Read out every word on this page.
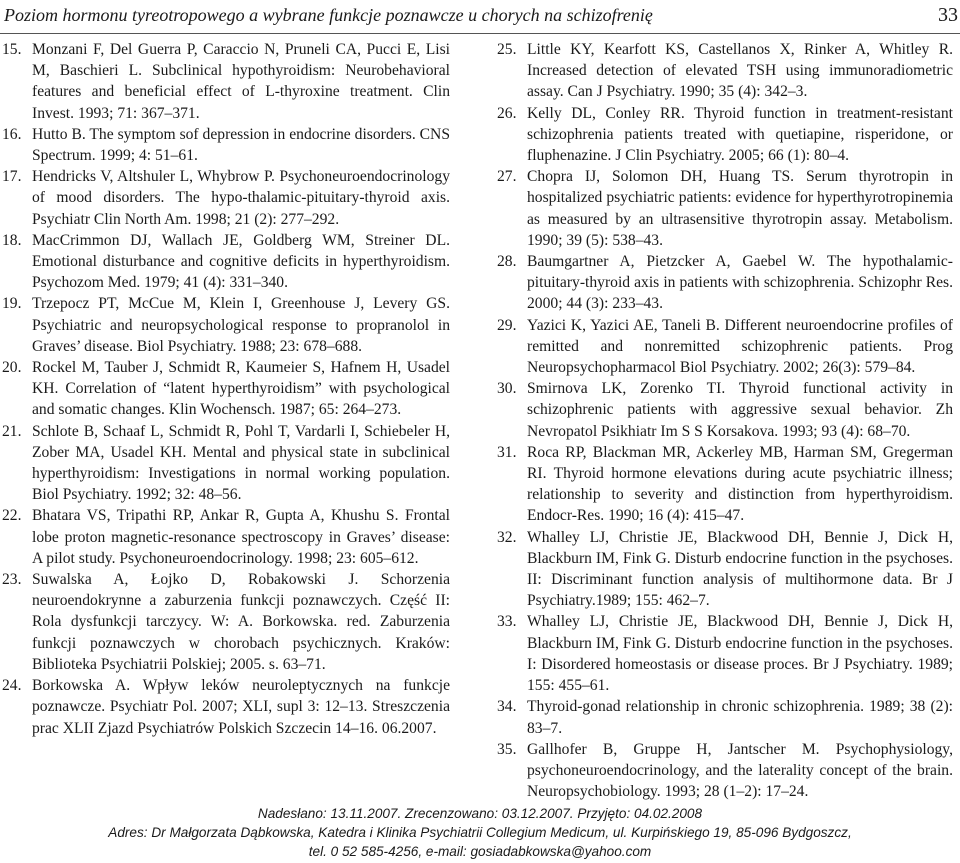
Poziom hormonu tyreotropowego a wybrane funkcje poznawcze u chorych na schizofrenię	33
15. Monzani F, Del Guerra P, Caraccio N, Pruneli CA, Pucci E, Lisi M, Baschieri L. Subclinical hypothyroidism: Neurobehavioral features and beneficial effect of L-thyroxine treatment. Clin Invest. 1993; 71: 367–371.
16. Hutto B. The symptom sof depression in endocrine disorders. CNS Spectrum. 1999; 4: 51–61.
17. Hendricks V, Altshuler L, Whybrow P. Psychoneuroendocrinology of mood disorders. The hypo-thalamic-pituitary-thyroid axis. Psychiatr Clin North Am. 1998; 21 (2): 277–292.
18. MacCrimmon DJ, Wallach JE, Goldberg WM, Streiner DL. Emotional disturbance and cognitive deficits in hyperthyroidism. Psychozom Med. 1979; 41 (4): 331–340.
19. Trzepocz PT, McCue M, Klein I, Greenhouse J, Levery GS. Psychiatric and neuropsychological response to propranolol in Graves’ disease. Biol Psychiatry. 1988; 23: 678–688.
20. Rockel M, Tauber J, Schmidt R, Kaumeier S, Hafnem H, Usadel KH. Correlation of “latent hyperthyroidism” with psychological and somatic changes. Klin Wochensch. 1987; 65: 264–273.
21. Schlote B, Schaaf L, Schmidt R, Pohl T, Vardarli I, Schiebeler H, Zober MA, Usadel KH. Mental and physical state in subclinical hyperthyroidism: Investigations in normal working population. Biol Psychiatry. 1992; 32: 48–56.
22. Bhatara VS, Tripathi RP, Ankar R, Gupta A, Khushu S. Frontal lobe proton magnetic-resonance spectroscopy in Graves’ disease: A pilot study. Psychoneuroendocrinology. 1998; 23: 605–612.
23. Suwalska A, Łojko D, Robakowski J. Schorzenia neuroendokrynne a zaburzenia funkcji poznawczych. Część II: Rola dysfunkcji tarczycy. W: A. Borkowska. red. Zaburzenia funkcji poznawczych w chorobach psychicznych. Kraków: Biblioteka Psychiatrii Polskiej; 2005. s. 63–71.
24. Borkowska A. Wpływ leków neuroleptycznych na funkcje poznawcze. Psychiatr Pol. 2007; XLI, supl 3: 12–13. Streszczenia prac XLII Zjazd Psychiatrów Polskich Szczecin 14–16. 06.2007.
25. Little KY, Kearfott KS, Castellanos X, Rinker A, Whitley R. Increased detection of elevated TSH using immunoradiometric assay. Can J Psychiatry. 1990; 35 (4): 342–3.
26. Kelly DL, Conley RR. Thyroid function in treatment-resistant schizophrenia patients treated with quetiapine, risperidone, or fluphenazine. J Clin Psychiatry. 2005; 66 (1): 80–4.
27. Chopra IJ, Solomon DH, Huang TS. Serum thyrotropin in hospitalized psychiatric patients: evidence for hyperthyrotropinemia as measured by an ultrasensitive thyrotropin assay. Metabolism. 1990; 39 (5): 538–43.
28. Baumgartner A, Pietzcker A, Gaebel W. The hypothalamic-pituitary-thyroid axis in patients with schizophrenia. Schizophr Res. 2000; 44 (3): 233–43.
29. Yazici K, Yazici AE, Taneli B. Different neuroendocrine profiles of remitted and nonremitted schizophrenic patients. Prog Neuropsychopharmacol Biol Psychiatry. 2002; 26(3): 579–84.
30. Smirnova LK, Zorenko TI. Thyroid functional activity in schizophrenic patients with aggressive sexual behavior. Zh Nevropatol Psikhiatr Im S S Korsakova. 1993; 93 (4): 68–70.
31. Roca RP, Blackman MR, Ackerley MB, Harman SM, Gregerman RI. Thyroid hormone elevations during acute psychiatric illness; relationship to severity and distinction from hyperthyroidism. Endocr-Res. 1990; 16 (4): 415–47.
32. Whalley LJ, Christie JE, Blackwood DH, Bennie J, Dick H, Blackburn IM, Fink G. Disturb endocrine function in the psychoses. II: Discriminant function analysis of multihormone data. Br J Psychiatry.1989; 155: 462–7.
33. Whalley LJ, Christie JE, Blackwood DH, Bennie J, Dick H, Blackburn IM, Fink G. Disturb endocrine function in the psychoses. I: Disordered homeostasis or disease proces. Br J Psychiatry. 1989; 155: 455–61.
34. Thyroid-gonad relationship in chronic schizophrenia. 1989; 38 (2): 83–7.
35. Gallhofer B, Gruppe H, Jantscher M. Psychophysiology, psychoneuroendocrinology, and the laterality concept of the brain. Neuropsychobiology. 1993; 28 (1–2): 17–24.
Nadesłano: 13.11.2007. Zrecenzowano: 03.12.2007. Przyjęto: 04.02.2008
Adres: Dr Małgorzata Dąbkowska, Katedra i Klinika Psychiatrii Collegium Medicum, ul. Kurpińskiego 19, 85-096 Bydgoszcz,
tel. 0 52 585-4256, e-mail: gosiadabkowska@yahoo.com
